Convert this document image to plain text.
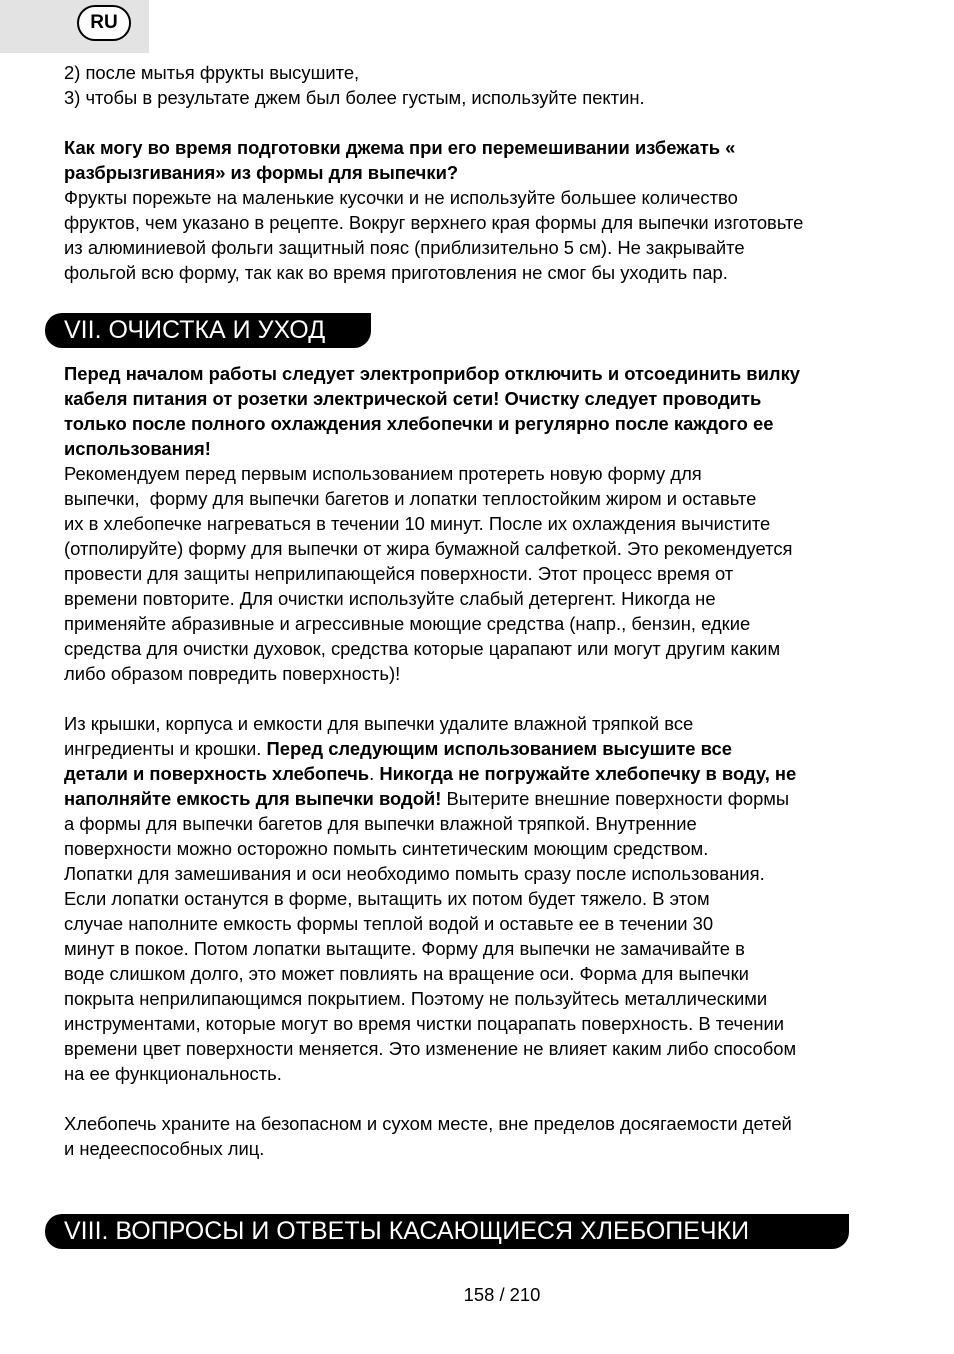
RU
2) после мытья фрукты высушите,
3) чтобы в результате джем был более густым, используйте пектин.
Как могу во время подготовки джема при его перемешивании избежать «
разбрызгивания» из формы для выпечки?
Фрукты порежьте на маленькие кусочки и не используйте большее количество
фруктов, чем указано в рецепте. Вокруг верхнего края формы для выпечки изготовьте
из алюминиевой фольги защитный пояс (приблизительно 5 см). Не закрывайте
фольгой всю форму, так как во время приготовления не смог бы уходить пар.
VII. ОЧИСТКА И УХОД
Перед началом работы следует электроприбор отключить и отсоединить вилку
кабеля питания от розетки электрической сети! Очистку следует проводить
только после полного охлаждения хлебопечки и регулярно после каждого ее
использования!
Рекомендуем перед первым использованием протереть новую форму для
выпечки,  форму для выпечки багетов и лопатки теплостойким жиром и оставьте
их в хлебопечке нагреваться в течении 10 минут. После их охлаждения вычистите
(отполируйте) форму для выпечки от жира бумажной салфеткой. Это рекомендуется
провести для защиты неприлипающейся поверхности. Этот процесс время от
времени повторите. Для очистки используйте слабый детергент. Никогда не
применяйте абразивные и агрессивные моющие средства (напр., бензин, едкие
средства для очистки духовок, средства которые царапают или могут другим каким
либо образом повредить поверхность)!
Из крышки, корпуса и емкости для выпечки удалите влажной тряпкой все
ингредиенты и крошки. Перед следующим использованием высушите все
детали и поверхность хлебопечь. Никогда не погружайте хлебопечку в воду, не
наполняйте емкость для выпечки водой! Вытерите внешние поверхности формы
а формы для выпечки багетов для выпечки влажной тряпкой. Внутренние
поверхности можно осторожно помыть синтетическим моющим средством.
Лопатки для замешивания и оси необходимо помыть сразу после использования.
Если лопатки останутся в форме, вытащить их потом будет тяжело. В этом
случае наполните емкость формы теплой водой и оставьте ее в течении 30
минут в покое. Потом лопатки вытащите. Форму для выпечки не замачивайте в
воде слишком долго, это может повлиять на вращение оси. Форма для выпечки
покрыта неприлипающимся покрытием. Поэтому не пользуйтесь металлическими
инструментами, которые могут во время чистки поцарапать поверхность. В течении
времени цвет поверхности меняется. Это изменение не влияет каким либо способом
на ее функциональность.
Хлебопечь храните на безопасном и сухом месте, вне пределов досягаемости детей
и недееспособных лиц.
VIII. ВОПРОСЫ И ОТВЕТЫ КАСАЮЩИЕСЯ ХЛЕБОПЕЧКИ
158 / 210
